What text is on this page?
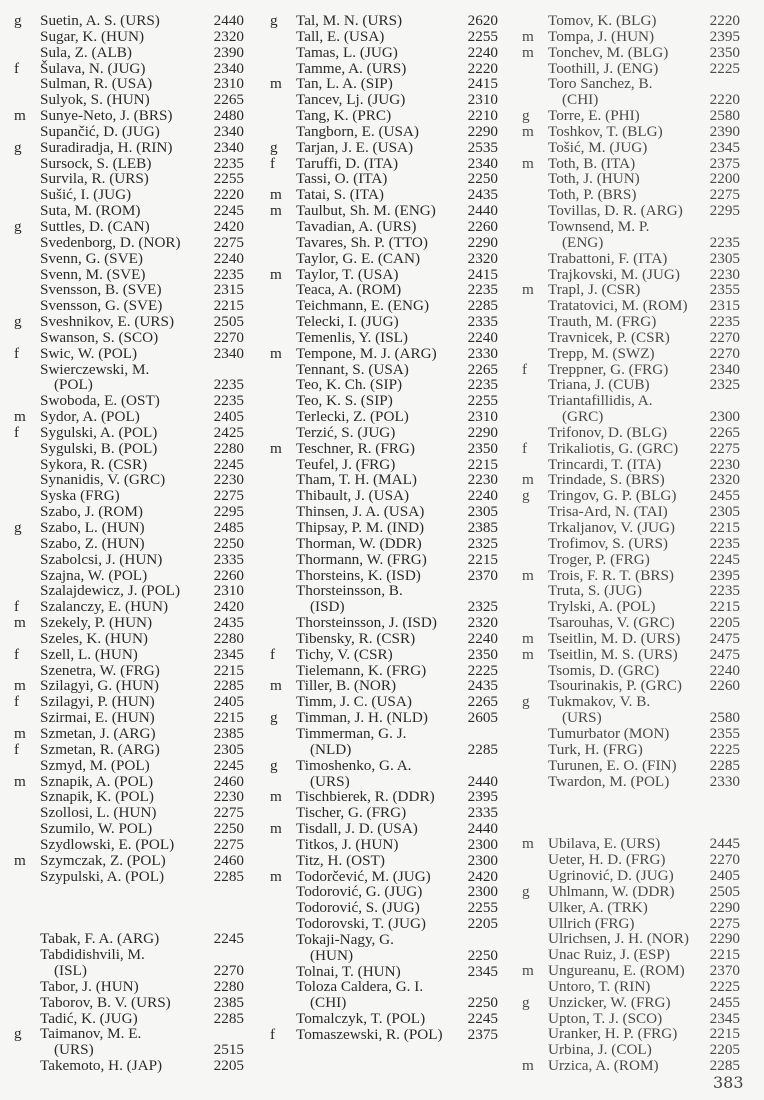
g	Suetin, A. S. (URS)	2440
Sugar, K. (HUN)	2320
Sula, Z. (ALB)	2390
f	Šulava, N. (JUG)	2340
Sulman, R. (USA)	2310
Sulyok, S. (HUN)	2265
m Sunye-Neto, J. (BRS)	2480
Supančić, D. (JUG)	2340
g	Suradiradja, H. (RIN)	2340
Sursock, S. (LEB)	2235
Survila, R. (URS)	2255
Sušić, I. (JUG)	2220
Suta, M. (ROM)	2245
g	Suttles, D. (CAN)	2420
Svedenborg, D. (NOR)	2275
Svenn, G. (SVE)	2240
Svenn, M. (SVE)	2235
Svensson, B. (SVE)	2315
Svensson, G. (SVE)	2215
g	Sveshnikov, E. (URS)	2505
Swanson, S. (SCO)	2270
f	Swic, W. (POL)	2340
Swierczewski, M.
(POL)	2235
Swoboda, E. (OST)	2235
m Sydor, A. (POL)	2405
f	Sygulski, A. (POL)	2425
Sygulski, B. (POL)	2280
Sykora, R. (CSR)	2245
Synanidis, V. (GRC)	2230
Syska (FRG)	2275
Szabo, J. (ROM)	2295
g	Szabo, L. (HUN)	2485
Szabo, Z. (HUN)	2250
Szabolcsi, J. (HUN)	2335
Szajna, W. (POL)	2260
Szalajdewicz, J. (POL)	2310
f	Szalanczy, E. (HUN)	2420
m Szekely, P. (HUN)	2435
Szeles, K. (HUN)	2280
f	Szell, L. (HUN)	2345
Szenetra, W. (FRG)	2215
m Szilagyi, G. (HUN)	2285
f	Szilagyi, P. (HUN)	2405
Szirmai, E. (HUN)	2215
m Szmetan, J. (ARG)	2385
f	Szmetan, R. (ARG)	2305
Szmyd, M. (POL)	2245
m Sznapik, A. (POL)	2460
Sznapik, K. (POL)	2230
Szollosi, L. (HUN)	2275
Szumilo, W. POL)	2250
Szydlowski, E. (POL)	2275
m Szymczak, Z. (POL)	2460
Szypulski, A. (POL)	2285
Tabak, F. A. (ARG)	2245
Tabdidishvili, M.
(ISL)	2270
Tabor, J. (HUN)	2280
Taborov, B. V. (URS)	2385
Tadić, K. (JUG)	2285
g	Taimanov, M. E.
(URS)	2515
Takemoto, H. (JAP)	2205
g	Tal, M. N. (URS)	2620
Tall, E. (USA)	2255
Tamas, L. (JUG)	2240
Tamme, A. (URS)	2220
m Tan, L. A. (SIP)	2415
Tancev, Lj. (JUG)	2310
Tang, K. (PRC)	2210
Tangborn, E. (USA)	2290
g	Tarjan, J. E. (USA)	2535
f	Taruffi, D. (ITA)	2340
Tassi, O. (ITA)	2250
m Tatai, S. (ITA)	2435
m Taulbut, Sh. M. (ENG)	2440
Tavadian, A. (URS)	2260
Tavares, Sh. P. (TTO)	2290
Taylor, G. E. (CAN)	2320
m Taylor, T. (USA)	2415
Teaca, A. (ROM)	2235
Teichmann, E. (ENG)	2285
Telecki, I. (JUG)	2335
Temenlis, Y. (ISL)	2240
m Tempone, M. J. (ARG)	2330
Tennant, S. (USA)	2265
Teo, K. Ch. (SIP)	2235
Teo, K. S. (SIP)	2255
Terlecki, Z. (POL)	2310
Terzić, S. (JUG)	2290
m Teschner, R. (FRG)	2350
Teufel, J. (FRG)	2215
Tham, T. H. (MAL)	2230
Thibault, J. (USA)	2240
Thinsen, J. A. (USA)	2305
Thipsay, P. M. (IND)	2385
Thorman, W. (DDR)	2325
Thormann, W. (FRG)	2215
Thorsteins, K. (ISD)	2370
Thorsteinsson, B.
(ISD)	2325
Thorsteinsson, J. (ISD)	2320
Tibensky, R. (CSR)	2240
f	Tichy, V. (CSR)	2350
Tielemann, K. (FRG)	2225
m Tiller, B. (NOR)	2435
Timm, J. C. (USA)	2265
g	Timman, J. H. (NLD)	2605
Timmerman, G. J.
(NLD)	2285
g	Timoshenko, G. A.
(URS)	2440
m Tischbierek, R. (DDR)	2395
Tischer, G. (FRG)	2335
m Tisdall, J. D. (USA)	2440
Titkos, J. (HUN)	2300
Titz, H. (OST)	2300
m Todorčević, M. (JUG)	2420
Todorović, G. (JUG)	2300
Todorović, S. (JUG)	2255
Todorovski, T. (JUG)	2205
Tokaji-Nagy, G.
(HUN)	2250
Tolnai, T. (HUN)	2345
Toloza Caldera, G. I.
(CHI)	2250
Tomalczyk, T. (POL)	2245
f	Tomaszewski, R. (POL)	2375
Tomov, K. (BLG)	2220
m Tompa, J. (HUN)	2395
m Tonchev, M. (BLG)	2350
Toothill, J. (ENG)	2225
Toro Sanchez, B.
(CHI)	2220
g	Torre, E. (PHI)	2580
m Toshkov, T. (BLG)	2390
Tošić, M. (JUG)	2345
m Toth, B. (ITA)	2375
Toth, J. (HUN)	2200
Toth, P. (BRS)	2275
Tovillas, D. R. (ARG)	2295
Townsend, M. P.
(ENG)	2235
Trabattoni, F. (ITA)	2305
Trajkovski, M. (JUG)	2230
m Trapl, J. (CSR)	2355
Tratatovici, M. (ROM)	2315
Trauth, M. (FRG)	2235
Travnicek, P. (CSR)	2270
Trepp, M. (SWZ)	2270
f	Treppner, G. (FRG)	2340
Triana, J. (CUB)	2325
Triantafillidis, A.
(GRC)	2300
Trifonov, D. (BLG)	2265
f	Trikaliotis, G. (GRC)	2275
Trincardi, T. (ITA)	2230
m Trindade, S. (BRS)	2320
g	Tringov, G. P. (BLG)	2455
Trisa-Ard, N. (TAI)	2305
Trkaljanov, V. (JUG)	2215
Trofimov, S. (URS)	2235
Troger, P. (FRG)	2245
m Trois, F. R. T. (BRS)	2395
Truta, S. (JUG)	2235
Trylski, A. (POL)	2215
Tsarouhas, V. (GRC)	2205
m Tseitlin, M. D. (URS)	2475
m Tseitlin, M. S. (URS)	2475
Tsomis, D. (GRC)	2240
Tsourinakis, P. (GRC)	2260
g	Tukmakov, V. B.
(URS)	2580
Tumurbator (MON)	2355
Turk, H. (FRG)	2225
Turunen, E. O. (FIN)	2285
Twardon, M. (POL)	2330
m Ubilava, E. (URS)	2445
Ueter, H. D. (FRG)	2270
Ugrinović, D. (JUG)	2405
g	Uhlmann, W. (DDR)	2505
Ulker, A. (TRK)	2290
Ullrich (FRG)	2275
Ulrichsen, J. H. (NOR)	2290
Unac Ruiz, J. (ESP)	2215
m Ungureanu, E. (ROM)	2370
Untoro, T. (RIN)	2225
g	Unzicker, W. (FRG)	2455
Upton, T. J. (SCO)	2345
Uranker, H. P. (FRG)	2215
Urbina, J. (COL)	2205
m Urzica, A. (ROM)	2285
383
